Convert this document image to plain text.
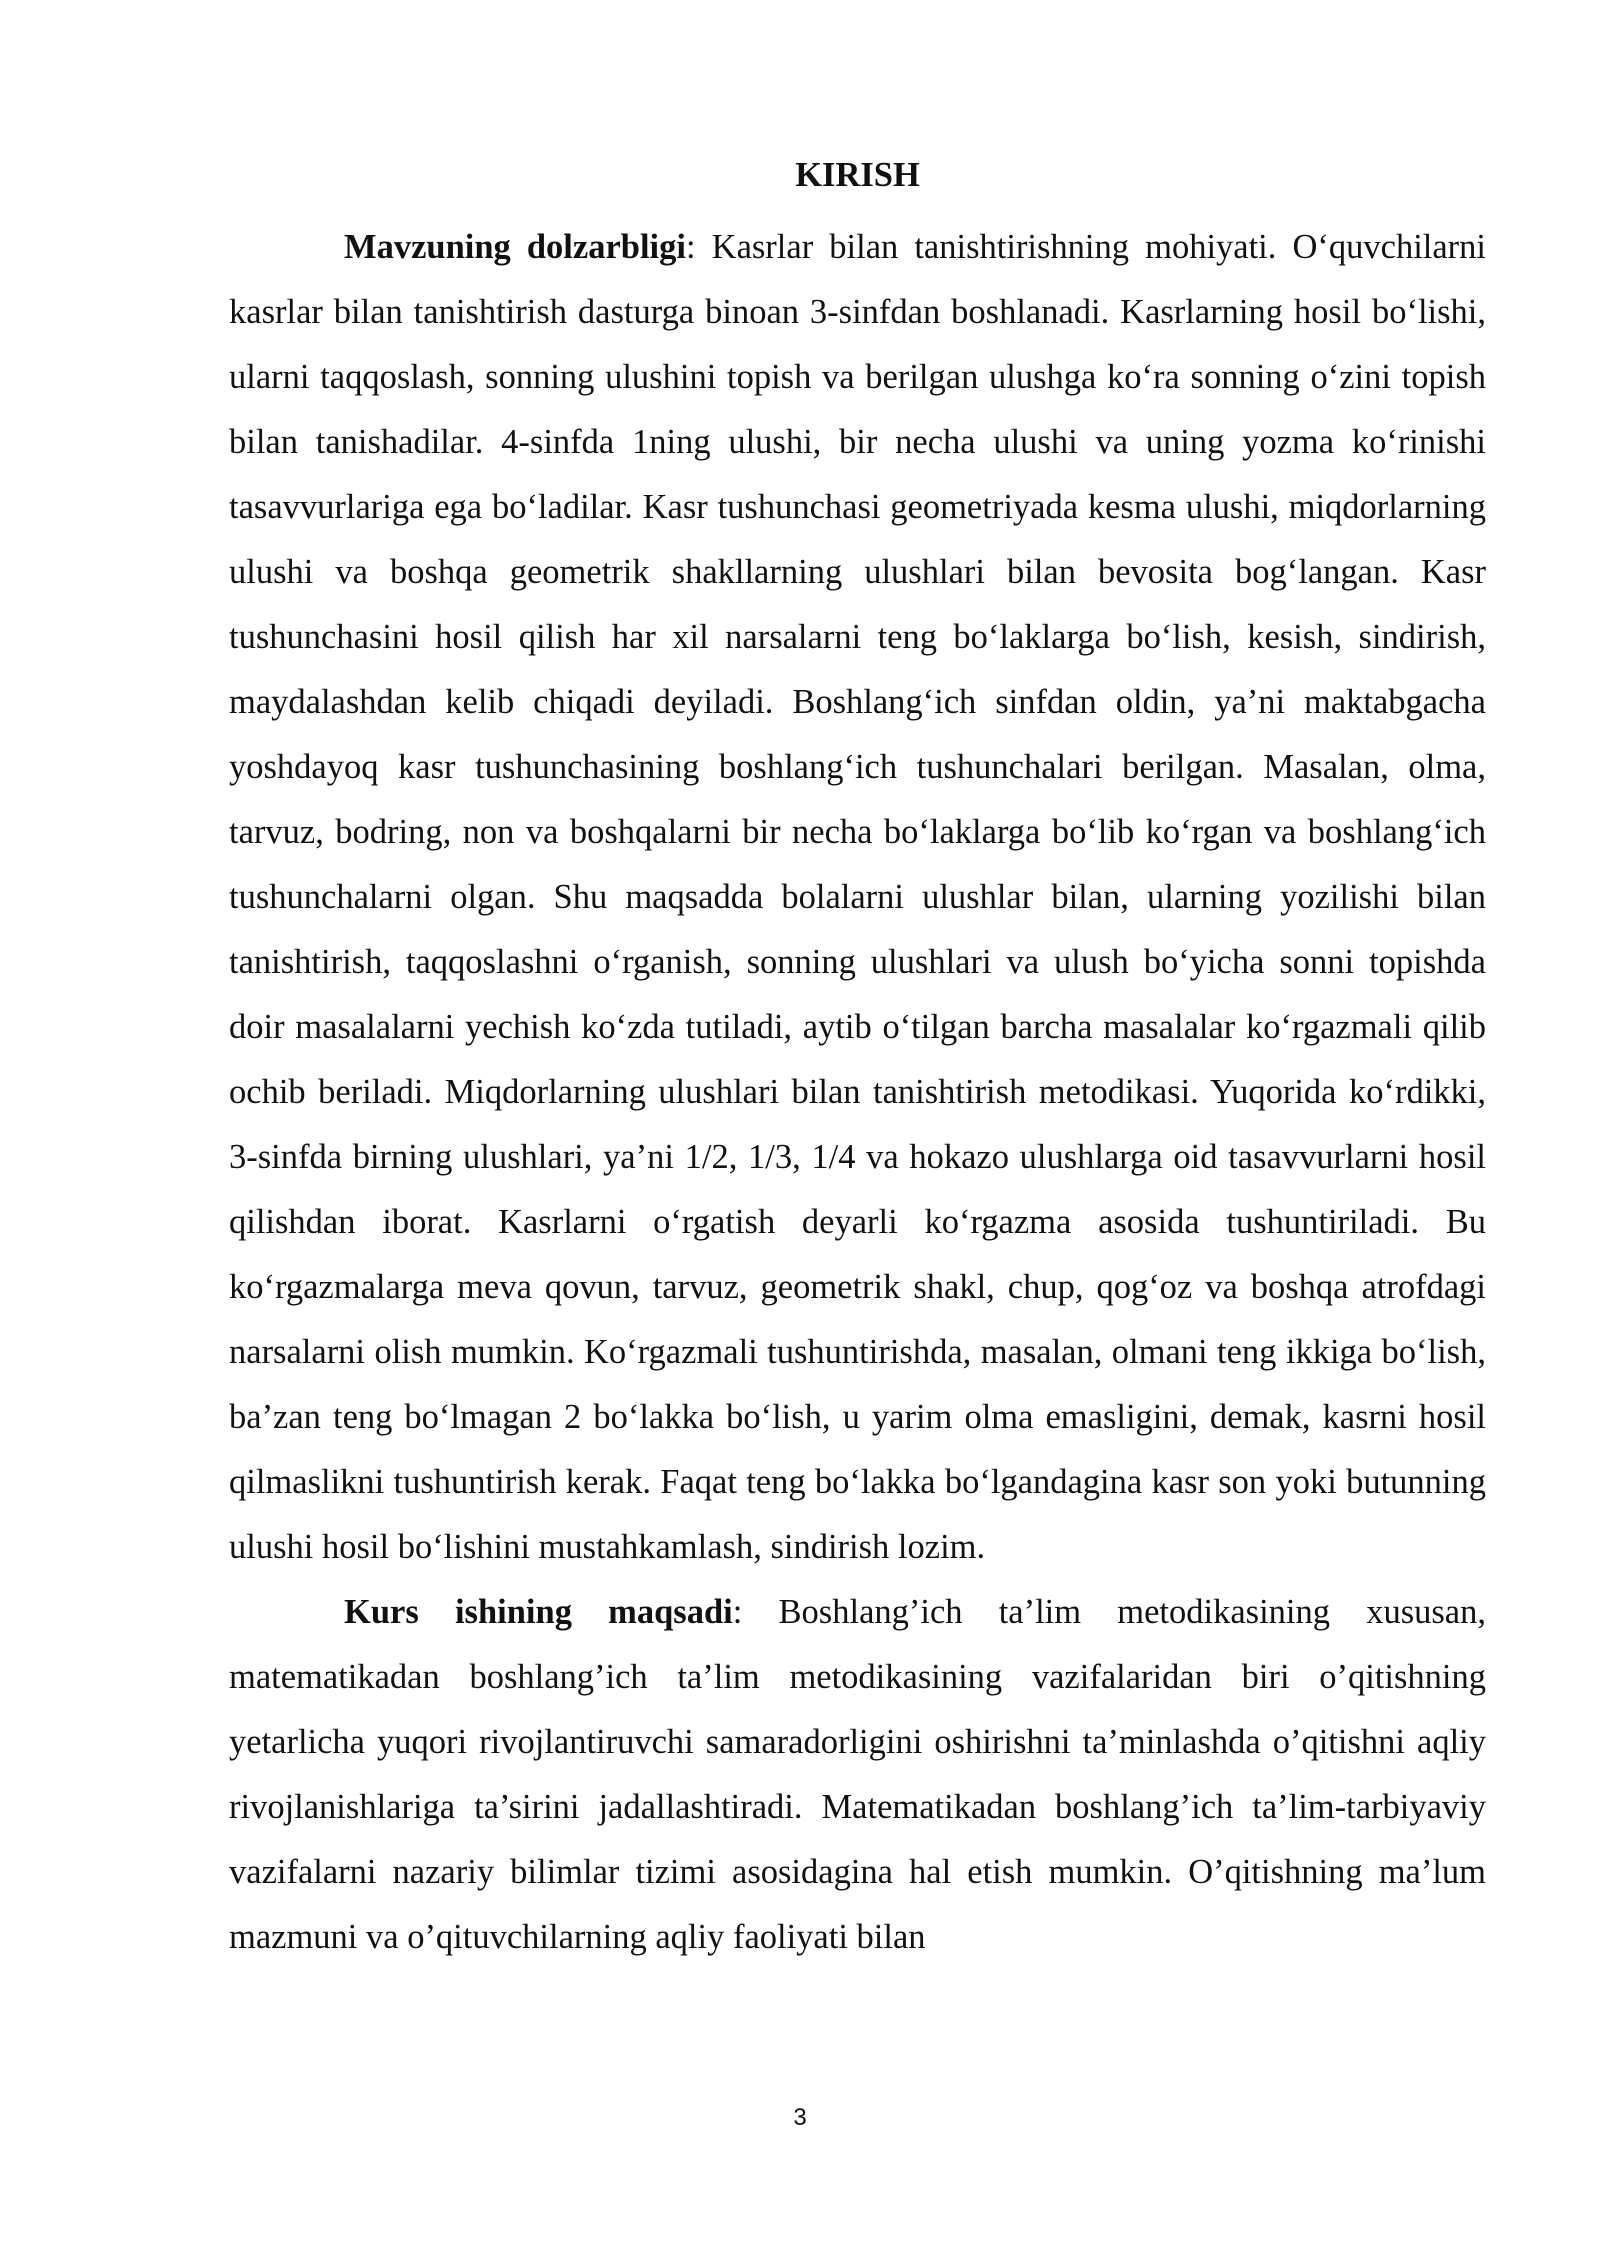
KIRISH

Mavzuning dolzarbligi: Kasrlar bilan tanishtirishning mohiyati. O‘quvchilarni kasrlar bilan tanishtirish dasturga binoan 3-sinfdan boshlanadi. Kasrlarning hosil bo‘lishi, ularni taqqoslash, sonning ulushini topish va berilgan ulushga ko‘ra sonning o‘zini topish bilan tanishadilar. 4-sinfda 1ning ulushi, bir necha ulushi va uning yozma ko‘rinishi tasavvurlariga ega bo‘ladilar. Kasr tushunchasi geometriyada kesma ulushi, miqdorlarning ulushi va boshqa geometrik shakllarning ulushlari bilan bevosita bog‘langan. Kasr tushunchasini hosil qilish har xil narsalarni teng bo‘laklarga bo‘lish, kesish, sindirish, maydalashdan kelib chiqadi deyiladi. Boshlang‘ich sinfdan oldin, ya’ni maktabgacha yoshdayoq kasr tushunchasining boshlang‘ich tushunchalari berilgan. Masalan, olma, tarvuz, bodring, non va boshqalarni bir necha bo‘laklarga bo‘lib ko‘rgan va boshlang‘ich tushunchalarni olgan. Shu maqsadda bolalarni ulushlar bilan, ularning yozilishi bilan tanishtirish, taqqoslashni o‘rganish, sonning ulushlari va ulush bo‘yicha sonni topishda doir masalalarni yechish ko‘zda tutiladi, aytib o‘tilgan barcha masalalar ko‘rgazmali qilib ochib beriladi. Miqdorlarning ulushlari bilan tanishtirish metodikasi. Yuqorida ko‘rdikki, 3-sinfda birning ulushlari, ya’ni 1/2, 1/3, 1/4 va hokazo ulushlarga oid tasavvurlarni hosil qilishdan iborat. Kasrlarni o‘rgatish deyarli ko‘rgazma asosida tushuntiriladi. Bu ko‘rgazmalarga meva qovun, tarvuz, geometrik shakl, chup, qog‘oz va boshqa atrofdagi narsalarni olish mumkin. Ko‘rgazmali tushuntirishda, masalan, olmani teng ikkiga bo‘lish, ba’zan teng bo‘lmagan 2 bo‘lakka bo‘lish, u yarim olma emasligini, demak, kasrni hosil qilmaslikni tushuntirish kerak. Faqat teng bo‘lakka bo‘lgandagina kasr son yoki butunning ulushi hosil bo‘lishini mustahkamlash, sindirish lozim.

Kurs ishining maqsadi: Boshlang’ich ta’lim metodikasining xususan, matematikadan boshlang’ich ta’lim metodikasining vazifalaridan biri o’qitishning yetarlicha yuqori rivojlantiruvchi samaradorligini oshirishni ta’minlashda o’qitishni aqliy rivojlanishlariga ta’sirini jadallashtiradi. Matematikadan boshlang’ich ta’lim-tarbiyaviy vazifalarni nazariy bilimlar tizimi asosidagina hal etish mumkin. O’qitishning ma’lum mazmuni va o’qituvchilarning aqliy faoliyati bilan

3
